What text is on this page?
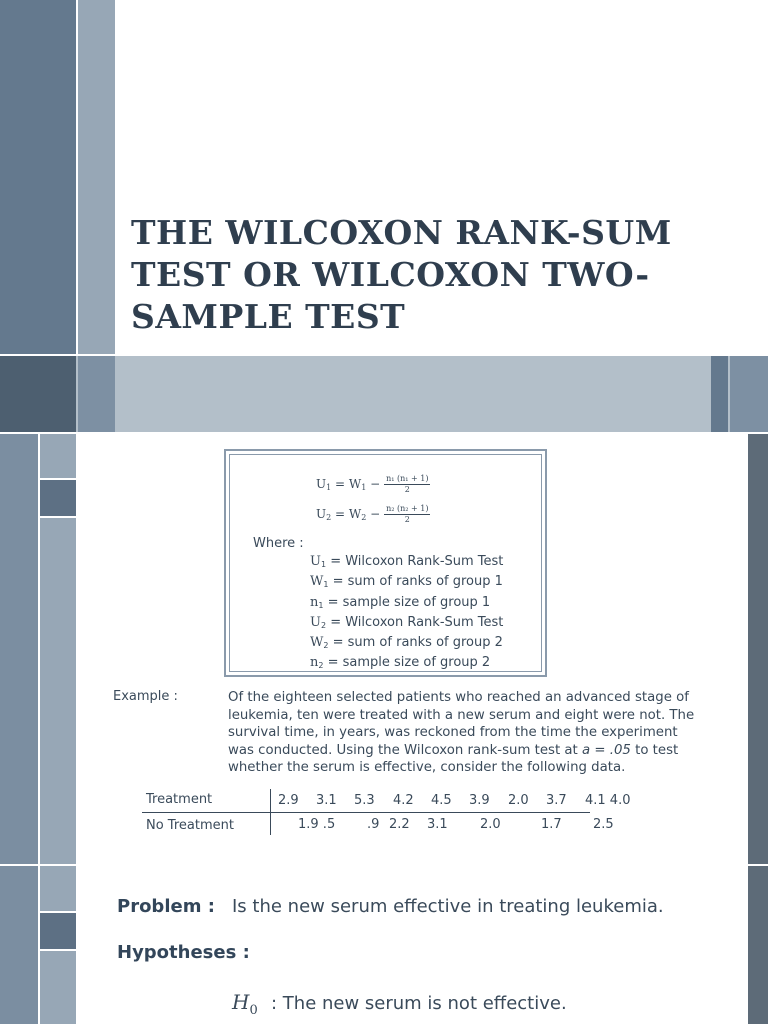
THE WILCOXON RANK-SUM TEST OR WILCOXON TWO-SAMPLE TEST
$U_1 = W_1 - \frac{\text{n₁ (n₁ + 1)}}{2}$
$U_2 = W_2 - \frac{\text{n₂ (n₂ + 1)}}{2}$
Where :
$U_1$ = Wilcoxon Rank-Sum Test
$W_1$ = sum of ranks of group 1
$n_1$ = sample size of group 1
$U_2$ = Wilcoxon Rank-Sum Test
$W_2$ = sum of ranks of group 2
$n_2$ = sample size of group 2
Example :	Of the eighteen selected patients who reached an advanced stage of leukemia, ten were treated with a new serum and eight were not. The survival time, in years, was reckoned from the time the experiment was conducted. Using the Wilcoxon rank-sum test at a = .05 to test whether the serum is effective, consider the following data.

Treatment
No Treatment
2.9 3.1 5.3 4.2 4.5 3.9 2.0 3.7 4.1 4.0
1.9 .5 .9 2.2 3.1 2.0	1.7 2.5
Problem : Is the new serum effective in treating leukemia.
Hypotheses :
$H_0$ : The new serum is not effective.
